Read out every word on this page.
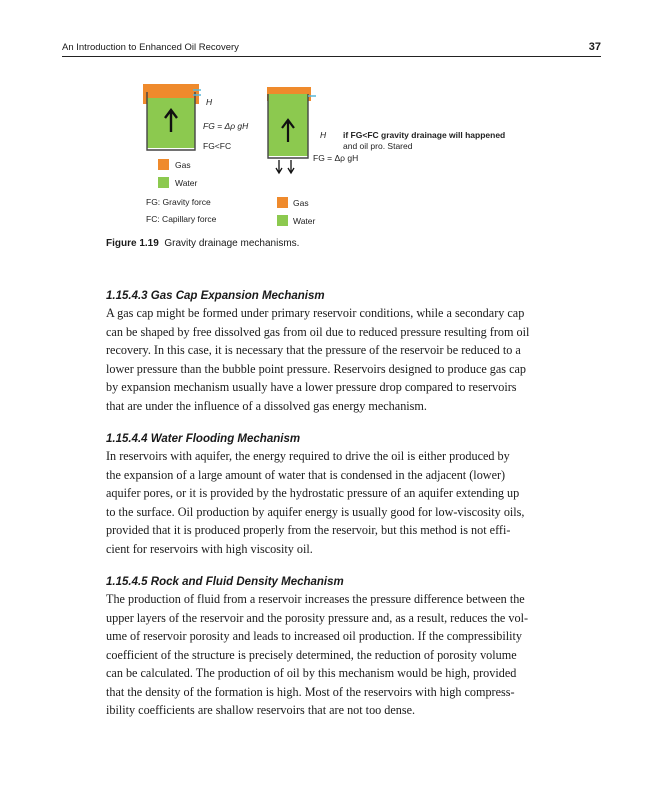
An Introduction to Enhanced Oil Recovery	37
H
FG = Δρ gH
FG<FC
Gas
Water
FG: Gravity force
FC: Capillary force
H if FG<FC gravity drainage will happened
and oil pro. Stared
FG = Δρ gH
Gas
Water
Figure 1.19 Gravity drainage mechanisms.
1.15.4.3 Gas Cap Expansion Mechanism
A gas cap might be formed under primary reservoir conditions, while a secondary cap
can be shaped by free dissolved gas from oil due to reduced pressure resulting from oil
recovery. In this case, it is necessary that the pressure of the reservoir be reduced to a
lower pressure than the bubble point pressure. Reservoirs designed to produce gas cap
by expansion mechanism usually have a lower pressure drop compared to reservoirs
that are under the influence of a dissolved gas energy mechanism.
1.15.4.4 Water Flooding Mechanism
In reservoirs with aquifer, the energy required to drive the oil is either produced by
the expansion of a large amount of water that is condensed in the adjacent (lower)
aquifer pores, or it is provided by the hydrostatic pressure of an aquifer extending up
to the surface. Oil production by aquifer energy is usually good for low-viscosity oils,
provided that it is produced properly from the reservoir, but this method is not effi-
cient for reservoirs with high viscosity oil.
1.15.4.5 Rock and Fluid Density Mechanism
The production of fluid from a reservoir increases the pressure difference between the
upper layers of the reservoir and the porosity pressure and, as a result, reduces the vol-
ume of reservoir porosity and leads to increased oil production. If the compressibility
coefficient of the structure is precisely determined, the reduction of porosity volume
can be calculated. The production of oil by this mechanism would be high, provided
that the density of the formation is high. Most of the reservoirs with high compress-
ibility coefficients are shallow reservoirs that are not too dense.
